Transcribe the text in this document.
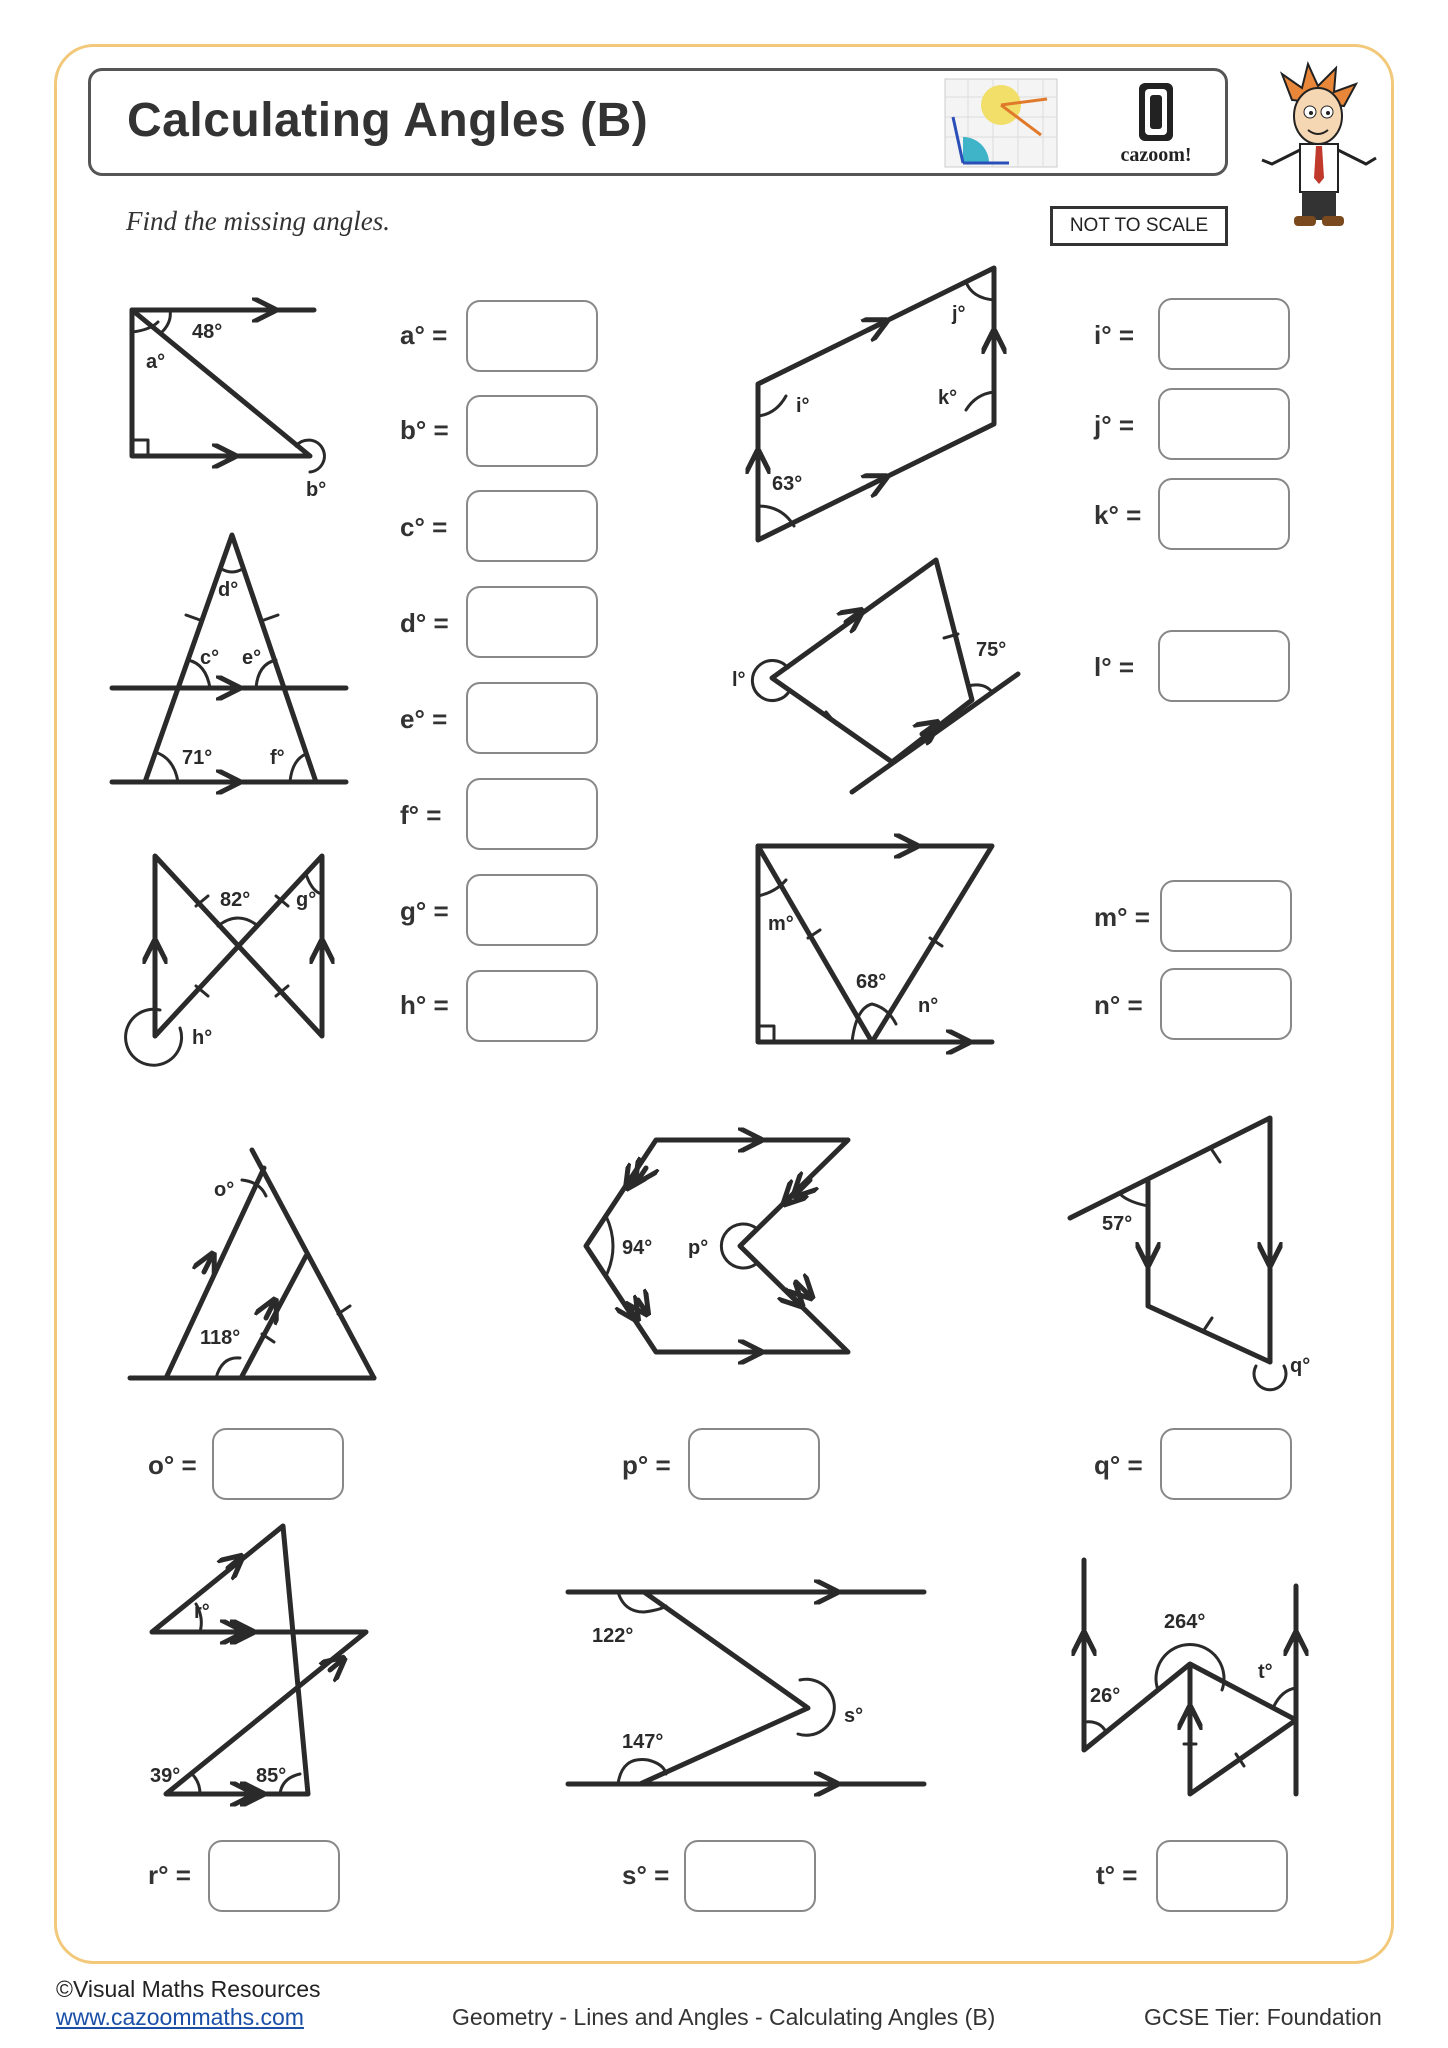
Calculating Angles (B)
cazoom!
Find the missing angles.	NOT TO SCALE
a° =
b° =
c° =
d° =
e° =
f° =
g° =
h° =
i° =
j° =
k° =
l° =
m° =
n° =
o° =	p° =	q° =
r° =	s° =	t° =
48°
a°
b°
d°
c° e°
71°	f°
82° g°
h°
i°
j°
k°
63°
l°
75°
m°
68°
n°
o°
118°
94° p°
57°
q°
r°
39°	85°
122°
147°
s°
26°
264°
t°
©Visual Maths Resources
www.cazoommaths.com	Geometry - Lines and Angles - Calculating Angles (B)	GCSE Tier: Foundation
